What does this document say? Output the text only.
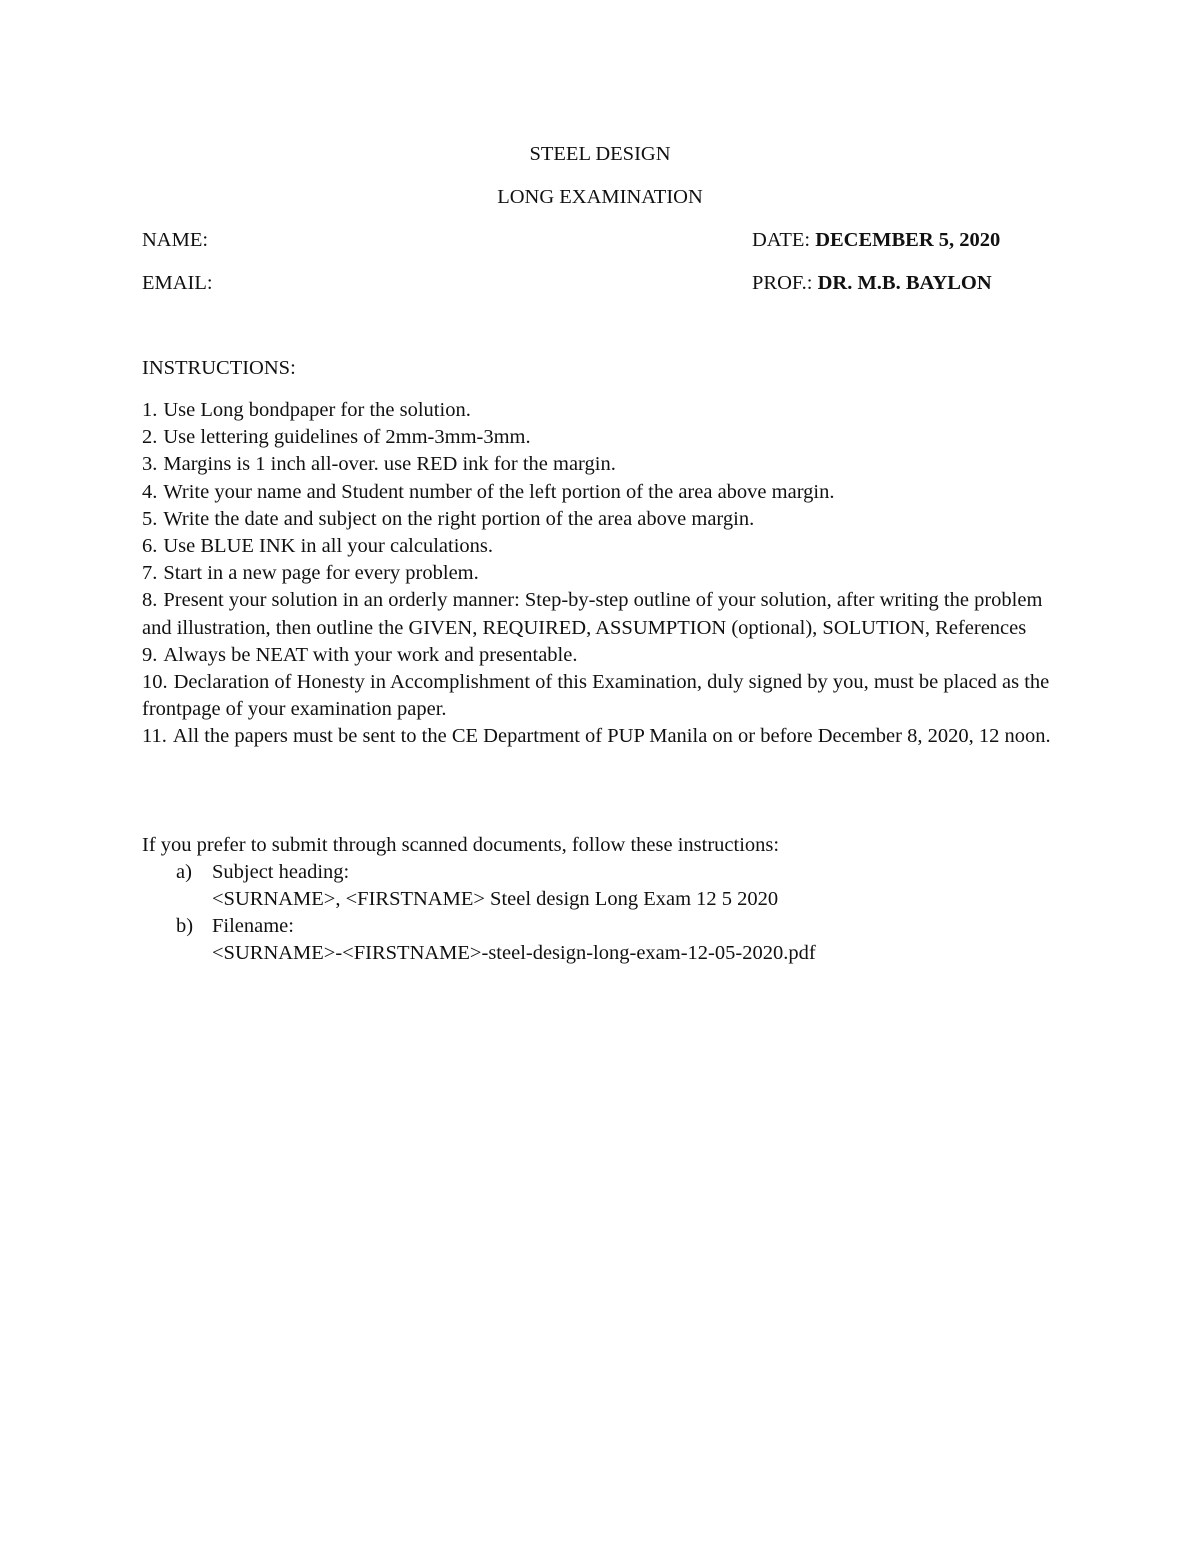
STEEL DESIGN
LONG EXAMINATION
NAME:	DATE: DECEMBER 5, 2020
EMAIL:	PROF.: DR. M.B. BAYLON
INSTRUCTIONS:
1. Use Long bondpaper for the solution.
2. Use lettering guidelines of 2mm-3mm-3mm.
3. Margins is 1 inch all-over. use RED ink for the margin.
4. Write your name and Student number of the left portion of the area above margin.
5. Write the date and subject on the right portion of the area above margin.
6. Use BLUE INK in all your calculations.
7. Start in a new page for every problem.
8. Present your solution in an orderly manner: Step-by-step outline of your solution, after writing the problem and illustration, then outline the GIVEN, REQUIRED, ASSUMPTION (optional), SOLUTION, References
9. Always be NEAT with your work and presentable.
10. Declaration of Honesty in Accomplishment of this Examination, duly signed by you, must be placed as the frontpage of your examination paper.
11. All the papers must be sent to the CE Department of PUP Manila on or before December 8, 2020, 12 noon.
If you prefer to submit through scanned documents, follow these instructions:
a) Subject heading:
<SURNAME>, <FIRSTNAME> Steel design Long Exam 12 5 2020
b) Filename:
<SURNAME>-<FIRSTNAME>-steel-design-long-exam-12-05-2020.pdf
